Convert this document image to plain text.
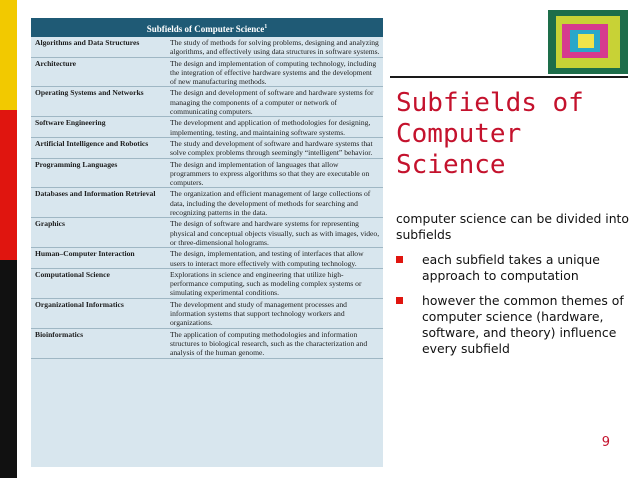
Subfields of Computer Science$^1$
Algorithms and Data Structures	The study of methods for solving problems, designing and analyzing algorithms, and effectively using data structures in software systems.
Architecture	The design and implementation of computing technology, including the integration of effective hardware systems and the development of new manufacturing methods.
Operating Systems and Networks	The design and development of software and hardware systems for managing the components of a computer or network of communicating computers.
Software Engineering	The development and application of methodologies for designing, implementing, testing, and maintaining software systems.
Artificial Intelligence and Robotics	The study and development of software and hardware systems that solve complex problems through seemingly “intelligent” behavior.
Programming Languages	The design and implementation of languages that allow programmers to express algorithms so that they are executable on computers.
Databases and Information Retrieval	The organization and efficient management of large collections of data, including the development of methods for searching and recognizing patterns in the data.
Graphics	The design of software and hardware systems for representing physical and conceptual objects visually, such as with images, video, or three-dimensional holograms.
Human–Computer Interaction	The design, implementation, and testing of interfaces that allow users to interact more effectively with computing technology.
Computational Science	Explorations in science and engineering that utilize high-performance computing, such as modeling complex systems or simulating experimental conditions.
Organizational Informatics	The development and study of management processes and information systems that support technology workers and organizations.
Bioinformatics	The application of computing methodologies and information structures to biological research, such as the characterization and analysis of the human genome.
Subfields of Computer Science

computer science can be divided into subfields

each subfield takes a unique approach to computation
however the common themes of computer science (hardware, software, and theory) influence every subfield
9
